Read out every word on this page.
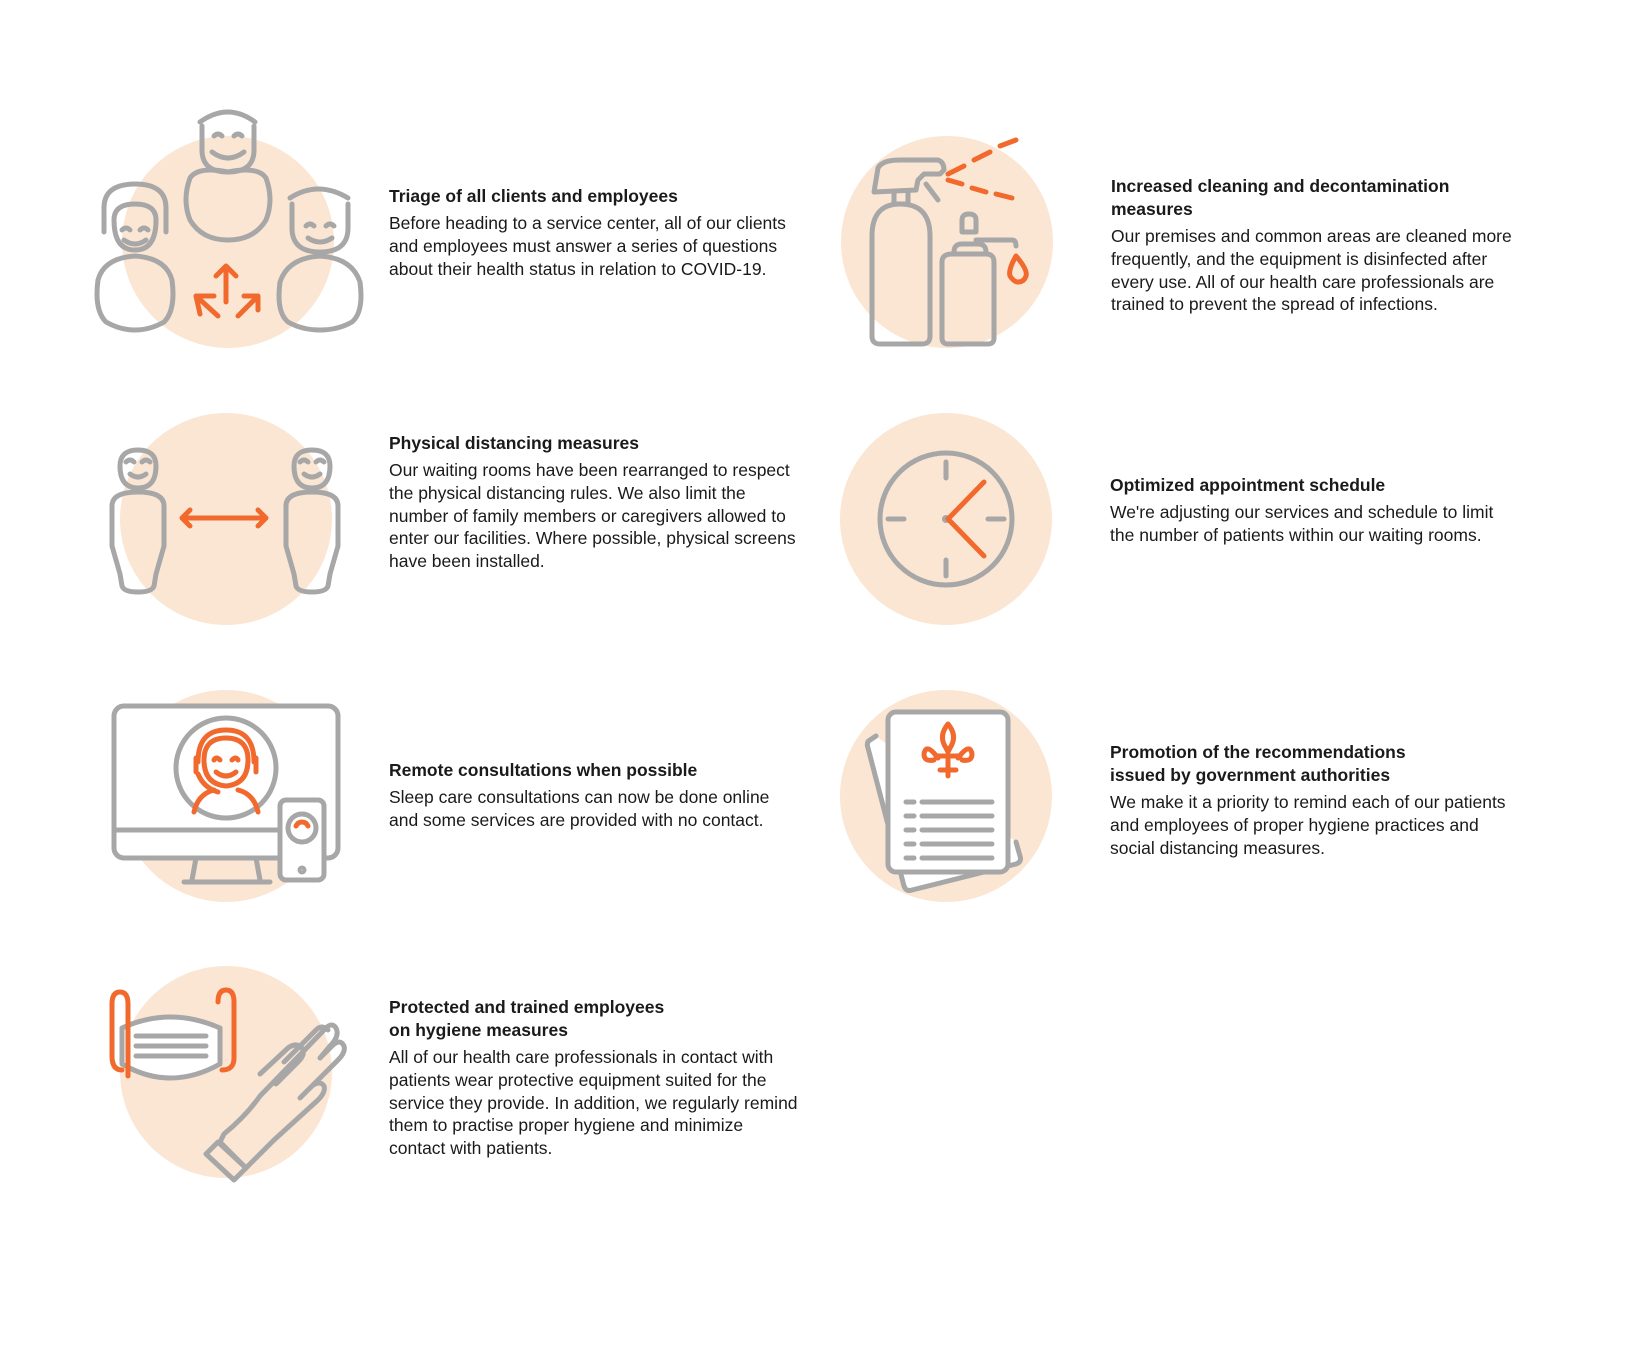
Triage of all clients and employees

Before heading to a service center, all of our clients and employees must answer a series of questions about their health status in relation to COVID-19.

Increased cleaning and decontamination measures

Our premises and common areas are cleaned more frequently, and the equipment is disinfected after every use. All of our health care professionals are trained to prevent the spread of infections.

Physical distancing measures

Our waiting rooms have been rearranged to respect the physical distancing rules. We also limit the number of family members or caregivers allowed to enter our facilities. Where possible, physical screens have been installed.

Optimized appointment schedule

We're adjusting our services and schedule to limit the number of patients within our waiting rooms.

Remote consultations when possible

Sleep care consultations can now be done online and some services are provided with no contact.

Promotion of the recommendations
issued by government authorities

We make it a priority to remind each of our patients and employees of proper hygiene practices and social distancing measures.

Protected and trained employees
on hygiene measures

All of our health care professionals in contact with patients wear protective equipment suited for the service they provide. In addition, we regularly remind them to practise proper hygiene and minimize contact with patients.
